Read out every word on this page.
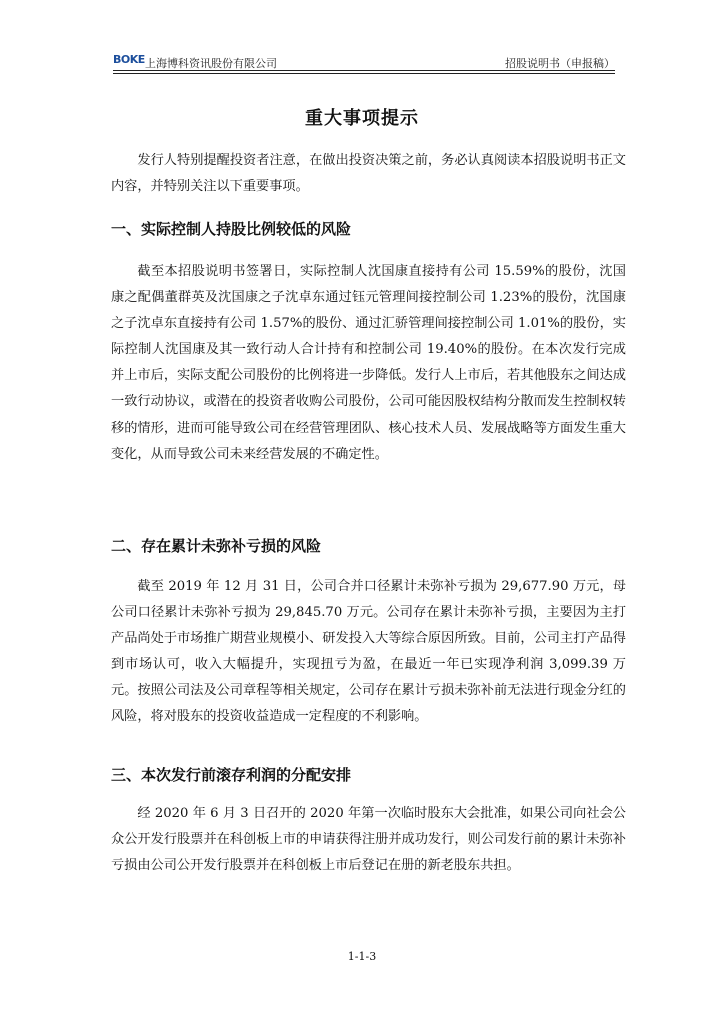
BOKE 上海博科资讯股份有限公司	招股说明书（申报稿）
重大事项提示

发行人特别提醒投资者注意，在做出投资决策之前，务必认真阅读本招股说明书正文内容，并特别关注以下重要事项。

一、实际控制人持股比例较低的风险

截至本招股说明书签署日，实际控制人沈国康直接持有公司 15.59%的股份，沈国康之配偶董群英及沈国康之子沈卓东通过钰元管理间接控制公司 1.23%的股份，沈国康之子沈卓东直接持有公司 1.57%的股份、通过汇骄管理间接控制公司 1.01%的股份，实际控制人沈国康及其一致行动人合计持有和控制公司 19.40%的股份。在本次发行完成并上市后，实际支配公司股份的比例将进一步降低。发行人上市后，若其他股东之间达成一致行动协议，或潜在的投资者收购公司股份，公司可能因股权结构分散而发生控制权转移的情形，进而可能导致公司在经营管理团队、核心技术人员、发展战略等方面发生重大变化，从而导致公司未来经营发展的不确定性。

二、存在累计未弥补亏损的风险

截至 2019 年 12 月 31 日，公司合并口径累计未弥补亏损为 29,677.90 万元，母公司口径累计未弥补亏损为 29,845.70 万元。公司存在累计未弥补亏损，主要因为主打产品尚处于市场推广期营业规模小、研发投入大等综合原因所致。目前，公司主打产品得到市场认可，收入大幅提升，实现扭亏为盈，在最近一年已实现净利润 3,099.39 万元。按照公司法及公司章程等相关规定，公司存在累计亏损未弥补前无法进行现金分红的风险，将对股东的投资收益造成一定程度的不利影响。

三、本次发行前滚存利润的分配安排

经 2020 年 6 月 3 日召开的 2020 年第一次临时股东大会批准，如果公司向社会公众公开发行股票并在科创板上市的申请获得注册并成功发行，则公司发行前的累计未弥补亏损由公司公开发行股票并在科创板上市后登记在册的新老股东共担。

1-1-3
